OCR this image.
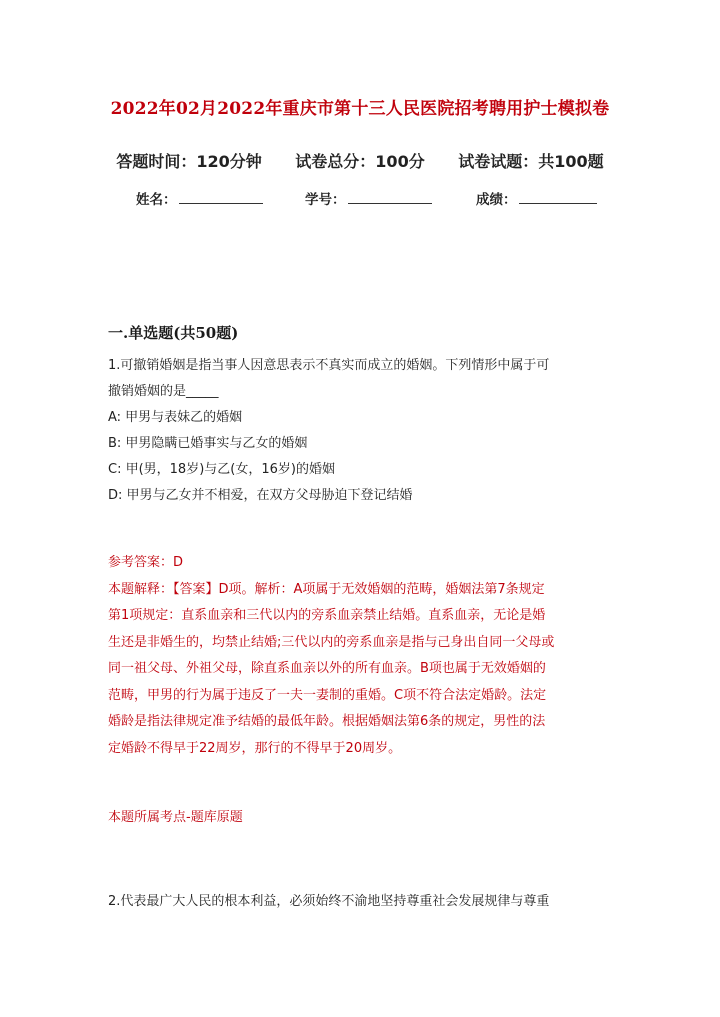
2022年02月2022年重庆市第十三人民医院招考聘用护士模拟卷
答题时间：120分钟 试卷总分：100分 试卷试题：共100题
姓名：	学号：	成绩：
一.单选题(共50题)

1.可撤销婚姻是指当事人因意思表示不真实而成立的婚姻。下列情形中属于可
撤销婚姻的是_____

A: 甲男与表妹乙的婚姻
B: 甲男隐瞒已婚事实与乙女的婚姻
C: 甲(男，18岁)与乙(女，16岁)的婚姻
D: 甲男与乙女并不相爱，在双方父母胁迫下登记结婚

参考答案：D

本题解释：【答案】D项。解析：A项属于无效婚姻的范畴，婚姻法第7条规定

第1项规定：直系血亲和三代以内的旁系血亲禁止结婚。直系血亲，无论是婚

生还是非婚生的，均禁止结婚;三代以内的旁系血亲是指与己身出自同一父母或

同一祖父母、外祖父母，除直系血亲以外的所有血亲。B项也属于无效婚姻的

范畴，甲男的行为属于违反了一夫一妻制的重婚。C项不符合法定婚龄。法定

婚龄是指法律规定准予结婚的最低年龄。根据婚姻法第6条的规定，男性的法

定婚龄不得早于22周岁，那行的不得早于20周岁。

本题所属考点-题库原题
2.代表最广大人民的根本利益，必须始终不渝地坚持尊重社会发展规律与尊重
